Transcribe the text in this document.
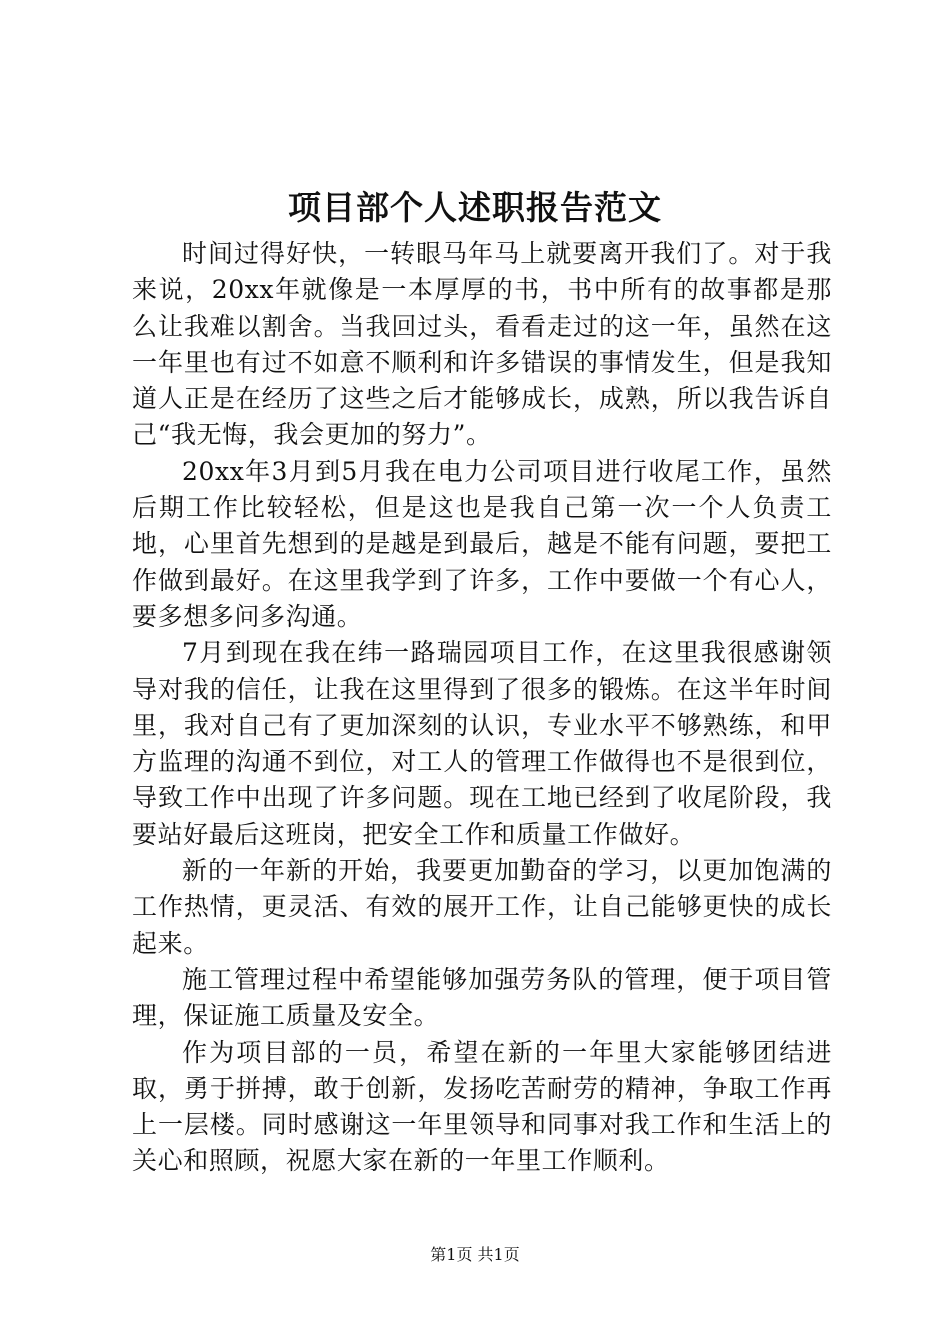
项目部个人述职报告范文

时间过得好快，一转眼马年马上就要离开我们了。对于我来说，20xx年就像是一本厚厚的书，书中所有的故事都是那么让我难以割舍。当我回过头，看看走过的这一年，虽然在这一年里也有过不如意不顺利和许多错误的事情发生，但是我知道人正是在经历了这些之后才能够成长，成熟，所以我告诉自己“我无悔，我会更加的努力”。

20xx年3月到5月我在电力公司项目进行收尾工作，虽然后期工作比较轻松，但是这也是我自己第一次一个人负责工地，心里首先想到的是越是到最后，越是不能有问题，要把工作做到最好。在这里我学到了许多，工作中要做一个有心人，要多想多问多沟通。

7月到现在我在纬一路瑞园项目工作，在这里我很感谢领导对我的信任，让我在这里得到了很多的锻炼。在这半年时间里，我对自己有了更加深刻的认识，专业水平不够熟练，和甲方监理的沟通不到位，对工人的管理工作做得也不是很到位，导致工作中出现了许多问题。现在工地已经到了收尾阶段，我要站好最后这班岗，把安全工作和质量工作做好。

新的一年新的开始，我要更加勤奋的学习，以更加饱满的工作热情，更灵活、有效的展开工作，让自己能够更快的成长起来。

施工管理过程中希望能够加强劳务队的管理，便于项目管理，保证施工质量及安全。

作为项目部的一员，希望在新的一年里大家能够团结进取，勇于拼搏，敢于创新，发扬吃苦耐劳的精神，争取工作再上一层楼。同时感谢这一年里领导和同事对我工作和生活上的关心和照顾，祝愿大家在新的一年里工作顺利。

第1页 共1页
